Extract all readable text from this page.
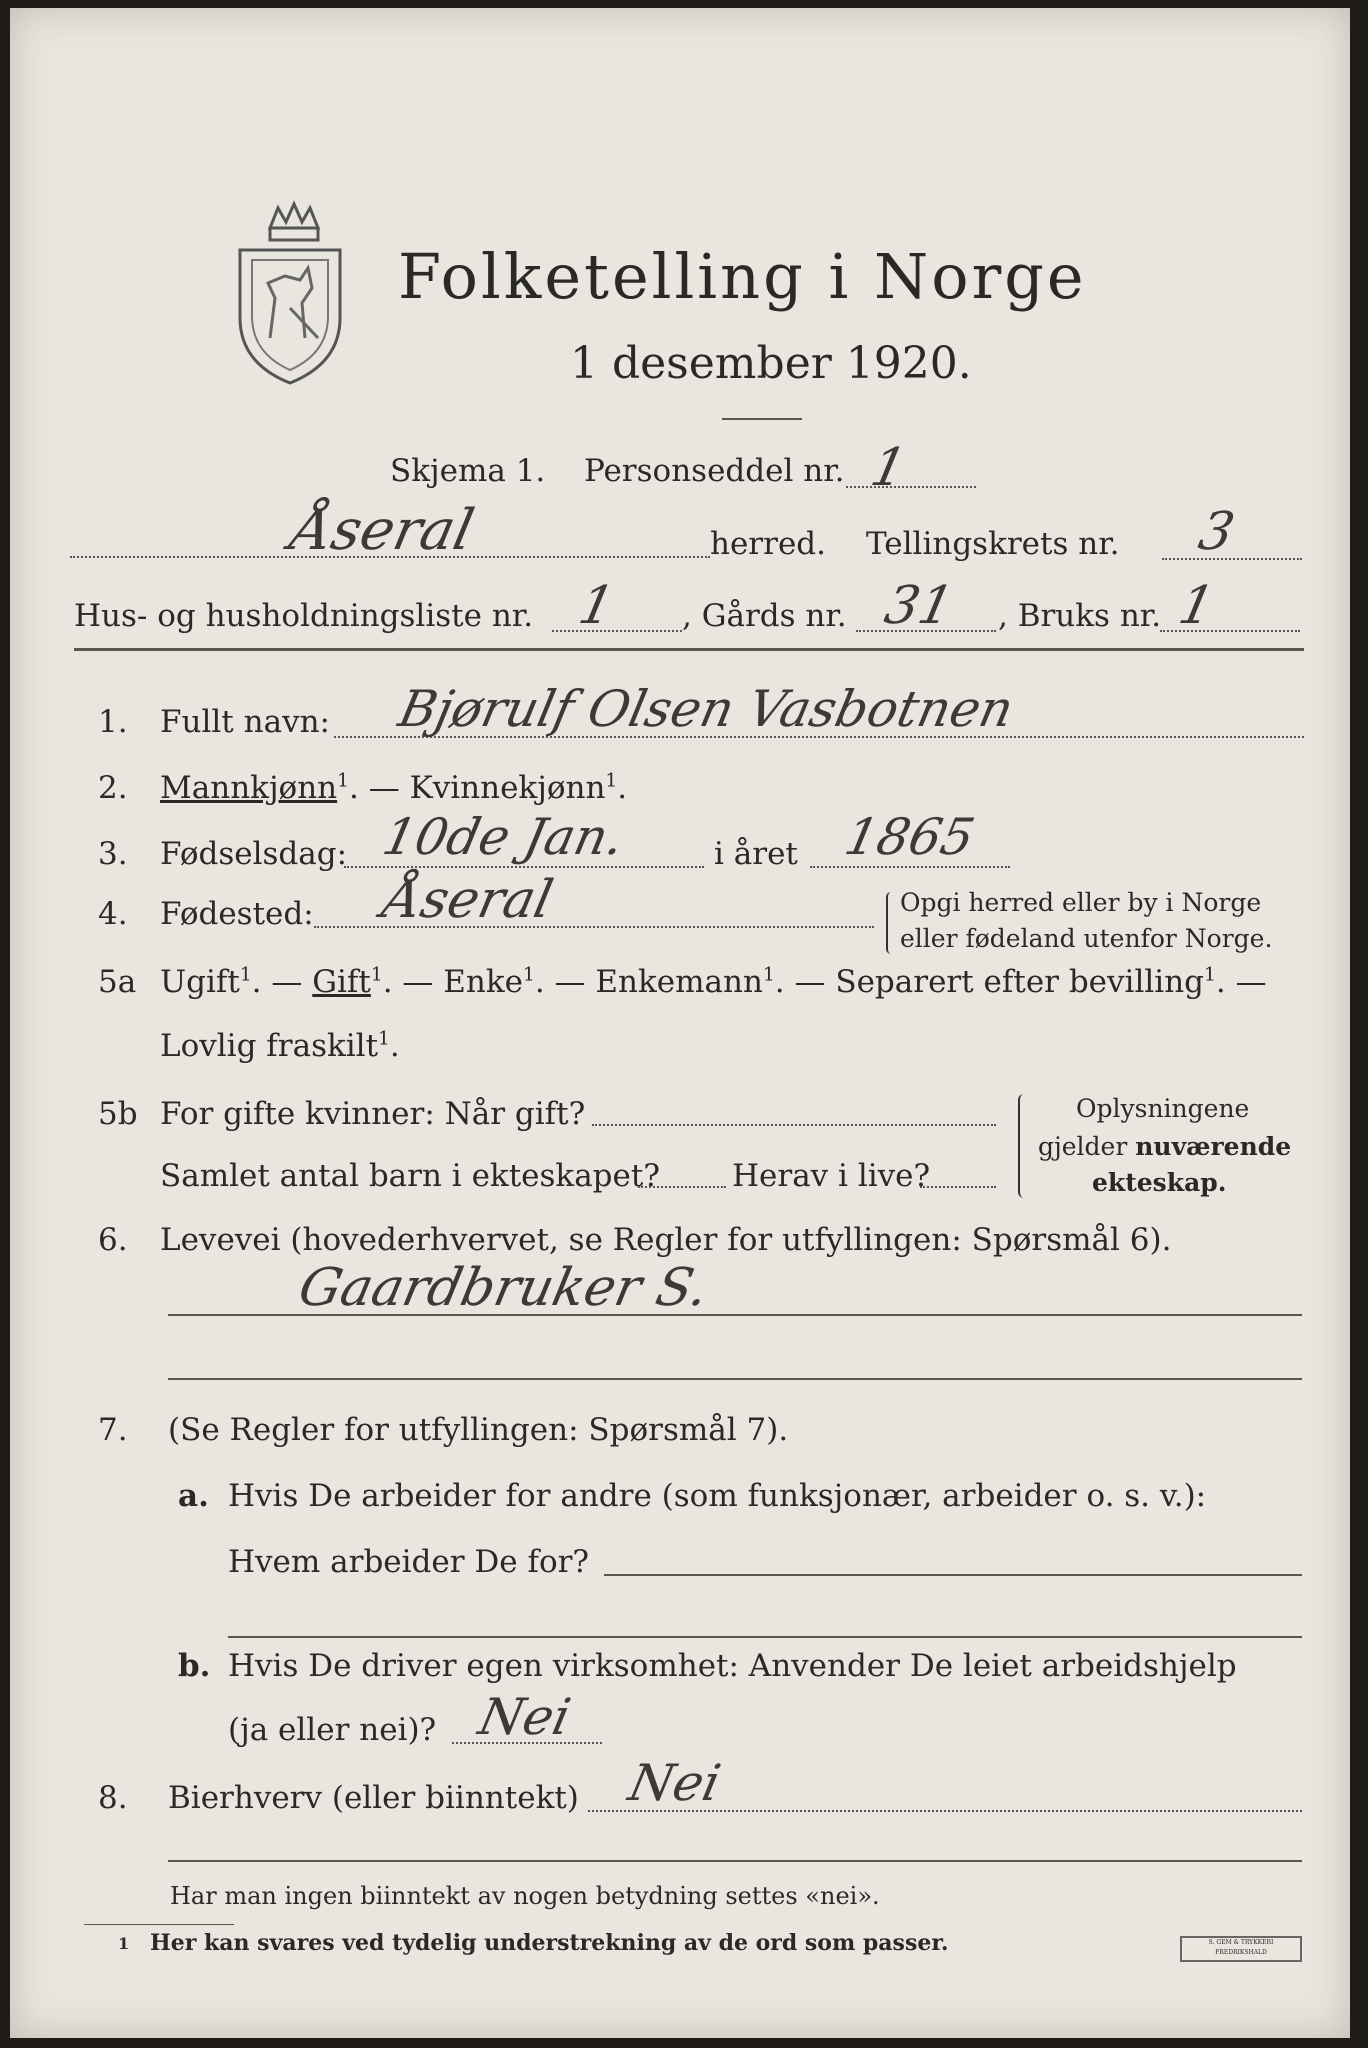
Folketelling i Norge
1 desember 1920.
Skjema 1. Personseddel nr. 1
Åseral	herred. Tellingskrets nr. 3
Hus- og husholdningsliste nr. 1 , Gårds nr. 31 , Bruks nr. 1
1. Fullt navn: Bjørulf Olsen Vasbotnen
2. Mannkjønn$^1$. — Kvinnekjønn$^1$.
3. Fødselsdag: 10de Jan.	i året 1865
4. Fødested: Åseral	Opgi herred eller by i Norge
eller fødeland utenfor Norge.
5a Ugift$^1$. — Gift$^1$. — Enke$^1$. — Enkemann$^1$. — Separert efter bevilling$^1$. —
Lovlig fraskilt$^1$.
5b For gifte kvinner: Når gift?
Samlet antal barn i ekteskapet? Herav i live?
Oplysningene
gjelder nuværende
ekteskap.
6. Levevei (hovederhvervet, se Regler for utfyllingen: Spørsmål 6).
Gaardbruker S.
7. (Se Regler for utfyllingen: Spørsmål 7).
a. Hvis De arbeider for andre (som funksjonær, arbeider o. s. v.):
Hvem arbeider De for?
b. Hvis De driver egen virksomhet: Anvender De leiet arbeidshjelp
(ja eller nei)? Nei
8. Bierhverv (eller biinntekt) Nei
Har man ingen biinntekt av nogen betydning settes «nei».
1 Her kan svares ved tydelig understrekning av de ord som passer.	S. GEM & TRYKKERI FREDRIKSHALD
